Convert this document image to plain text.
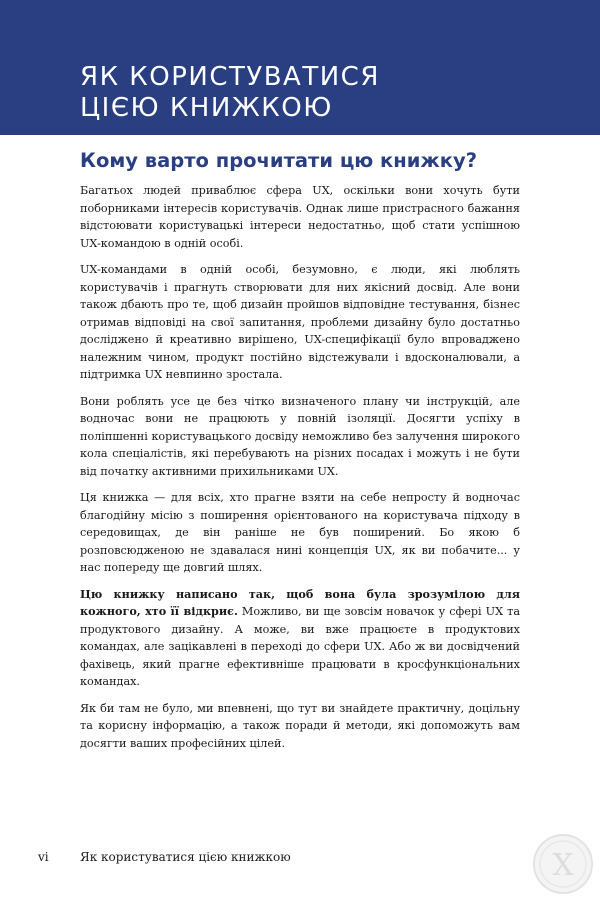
ЯК КОРИСТУВАТИСЯ
ЦІЄЮ КНИЖКОЮ
Кому варто прочитати цю книжку?

Багатьох людей приваблює сфера UX, оскільки вони хочуть бути поборниками інтересів користувачів. Однак лише пристрасного бажання відстоювати користувацькі інтереси недостатньо, щоб стати успішною UX-командою в одній особі.

UX-командами в одній особі, безумовно, є люди, які люблять користувачів і прагнуть створювати для них якісний досвід. Але вони також дбають про те, щоб дизайн пройшов відповідне тестування, бізнес отримав відповіді на свої запитання, проблеми дизайну було достатньо досліджено й креативно вирішено, UX-специфікації було впроваджено належним чином, продукт постійно відстежували і вдосконалювали, а підтримка UX невпинно зростала.

Вони роблять усе це без чітко визначеного плану чи інструкцій, але водночас вони не працюють у повній ізоляції. Досягти успіху в поліпшенні користувацького досвіду неможливо без залучення широкого кола спеціалістів, які перебувають на різних посадах і можуть і не бути від початку активними прихильниками UX.

Ця книжка — для всіх, хто прагне взяти на себе непросту й водночас благодійну місію з поширення орієнтованого на користувача підходу в середовищах, де він раніше не був поширений. Бо якою б розповсюдженою не здавалася нині концепція UX, як ви побачите... у нас попереду ще довгий шлях.

Цю книжку написано так, щоб вона була зрозумілою для кожного, хто її відкриє. Можливо, ви ще зовсім новачок у сфері UX та продуктового дизайну. А може, ви вже працюєте в продуктових командах, але зацікавлені в переході до сфери UX. Або ж ви досвідчений фахівець, який прагне ефективніше працювати в кросфункціональних командах.

Як би там не було, ми впевнені, що тут ви знайдете практичну, доцільну та корисну інформацію, а також поради й методи, які допоможуть вам досягти ваших професійних цілей.

vi	Як користуватися цією книжкою	X
